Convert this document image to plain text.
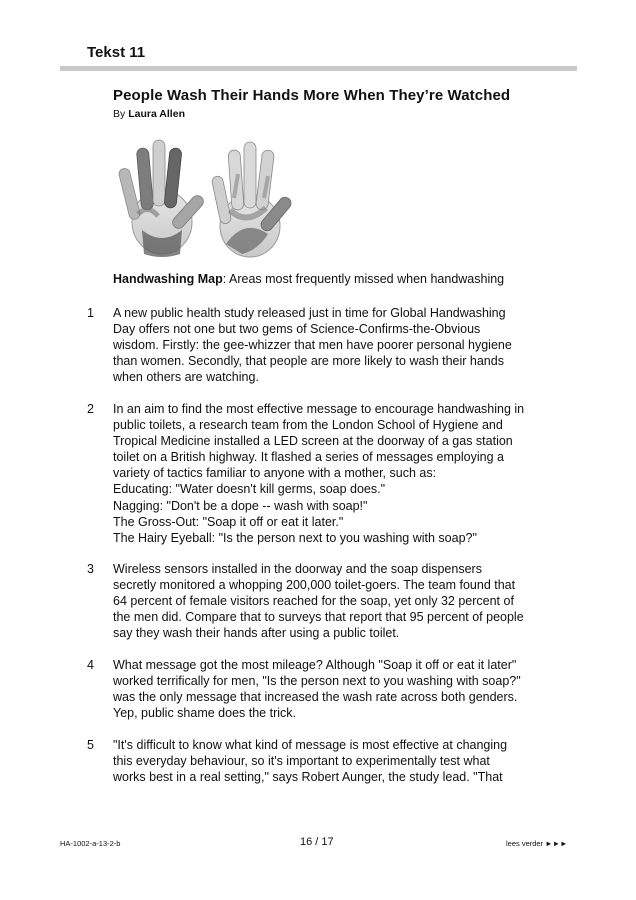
Tekst 11
People Wash Their Hands More When They’re Watched
By Laura Allen
Handwashing Map: Areas most frequently missed when handwashing
1 A new public health study released just in time for Global Handwashing
Day offers not one but two gems of Science-Confirms-the-Obvious
wisdom. Firstly: the gee-whizzer that men have poorer personal hygiene
than women. Secondly, that people are more likely to wash their hands
when others are watching.
2 In an aim to find the most effective message to encourage handwashing in
public toilets, a research team from the London School of Hygiene and
Tropical Medicine installed a LED screen at the doorway of a gas station
toilet on a British highway. It flashed a series of messages employing a
variety of tactics familiar to anyone with a mother, such as:
Educating: "Water doesn't kill germs, soap does."
Nagging: "Don't be a dope -- wash with soap!"
The Gross-Out: "Soap it off or eat it later."
The Hairy Eyeball: "Is the person next to you washing with soap?"
3 Wireless sensors installed in the doorway and the soap dispensers
secretly monitored a whopping 200,000 toilet-goers. The team found that
64 percent of female visitors reached for the soap, yet only 32 percent of
the men did. Compare that to surveys that report that 95 percent of people
say they wash their hands after using a public toilet.
4 What message got the most mileage? Although "Soap it off or eat it later"
worked terrifically for men, "Is the person next to you washing with soap?"
was the only message that increased the wash rate across both genders.
Yep, public shame does the trick.
5 "It's difficult to know what kind of message is most effective at changing
this everyday behaviour, so it's important to experimentally test what
works best in a real setting," says Robert Aunger, the study lead. "That
HA-1002-a-13-2-b	16 / 17	lees verder ►►►
